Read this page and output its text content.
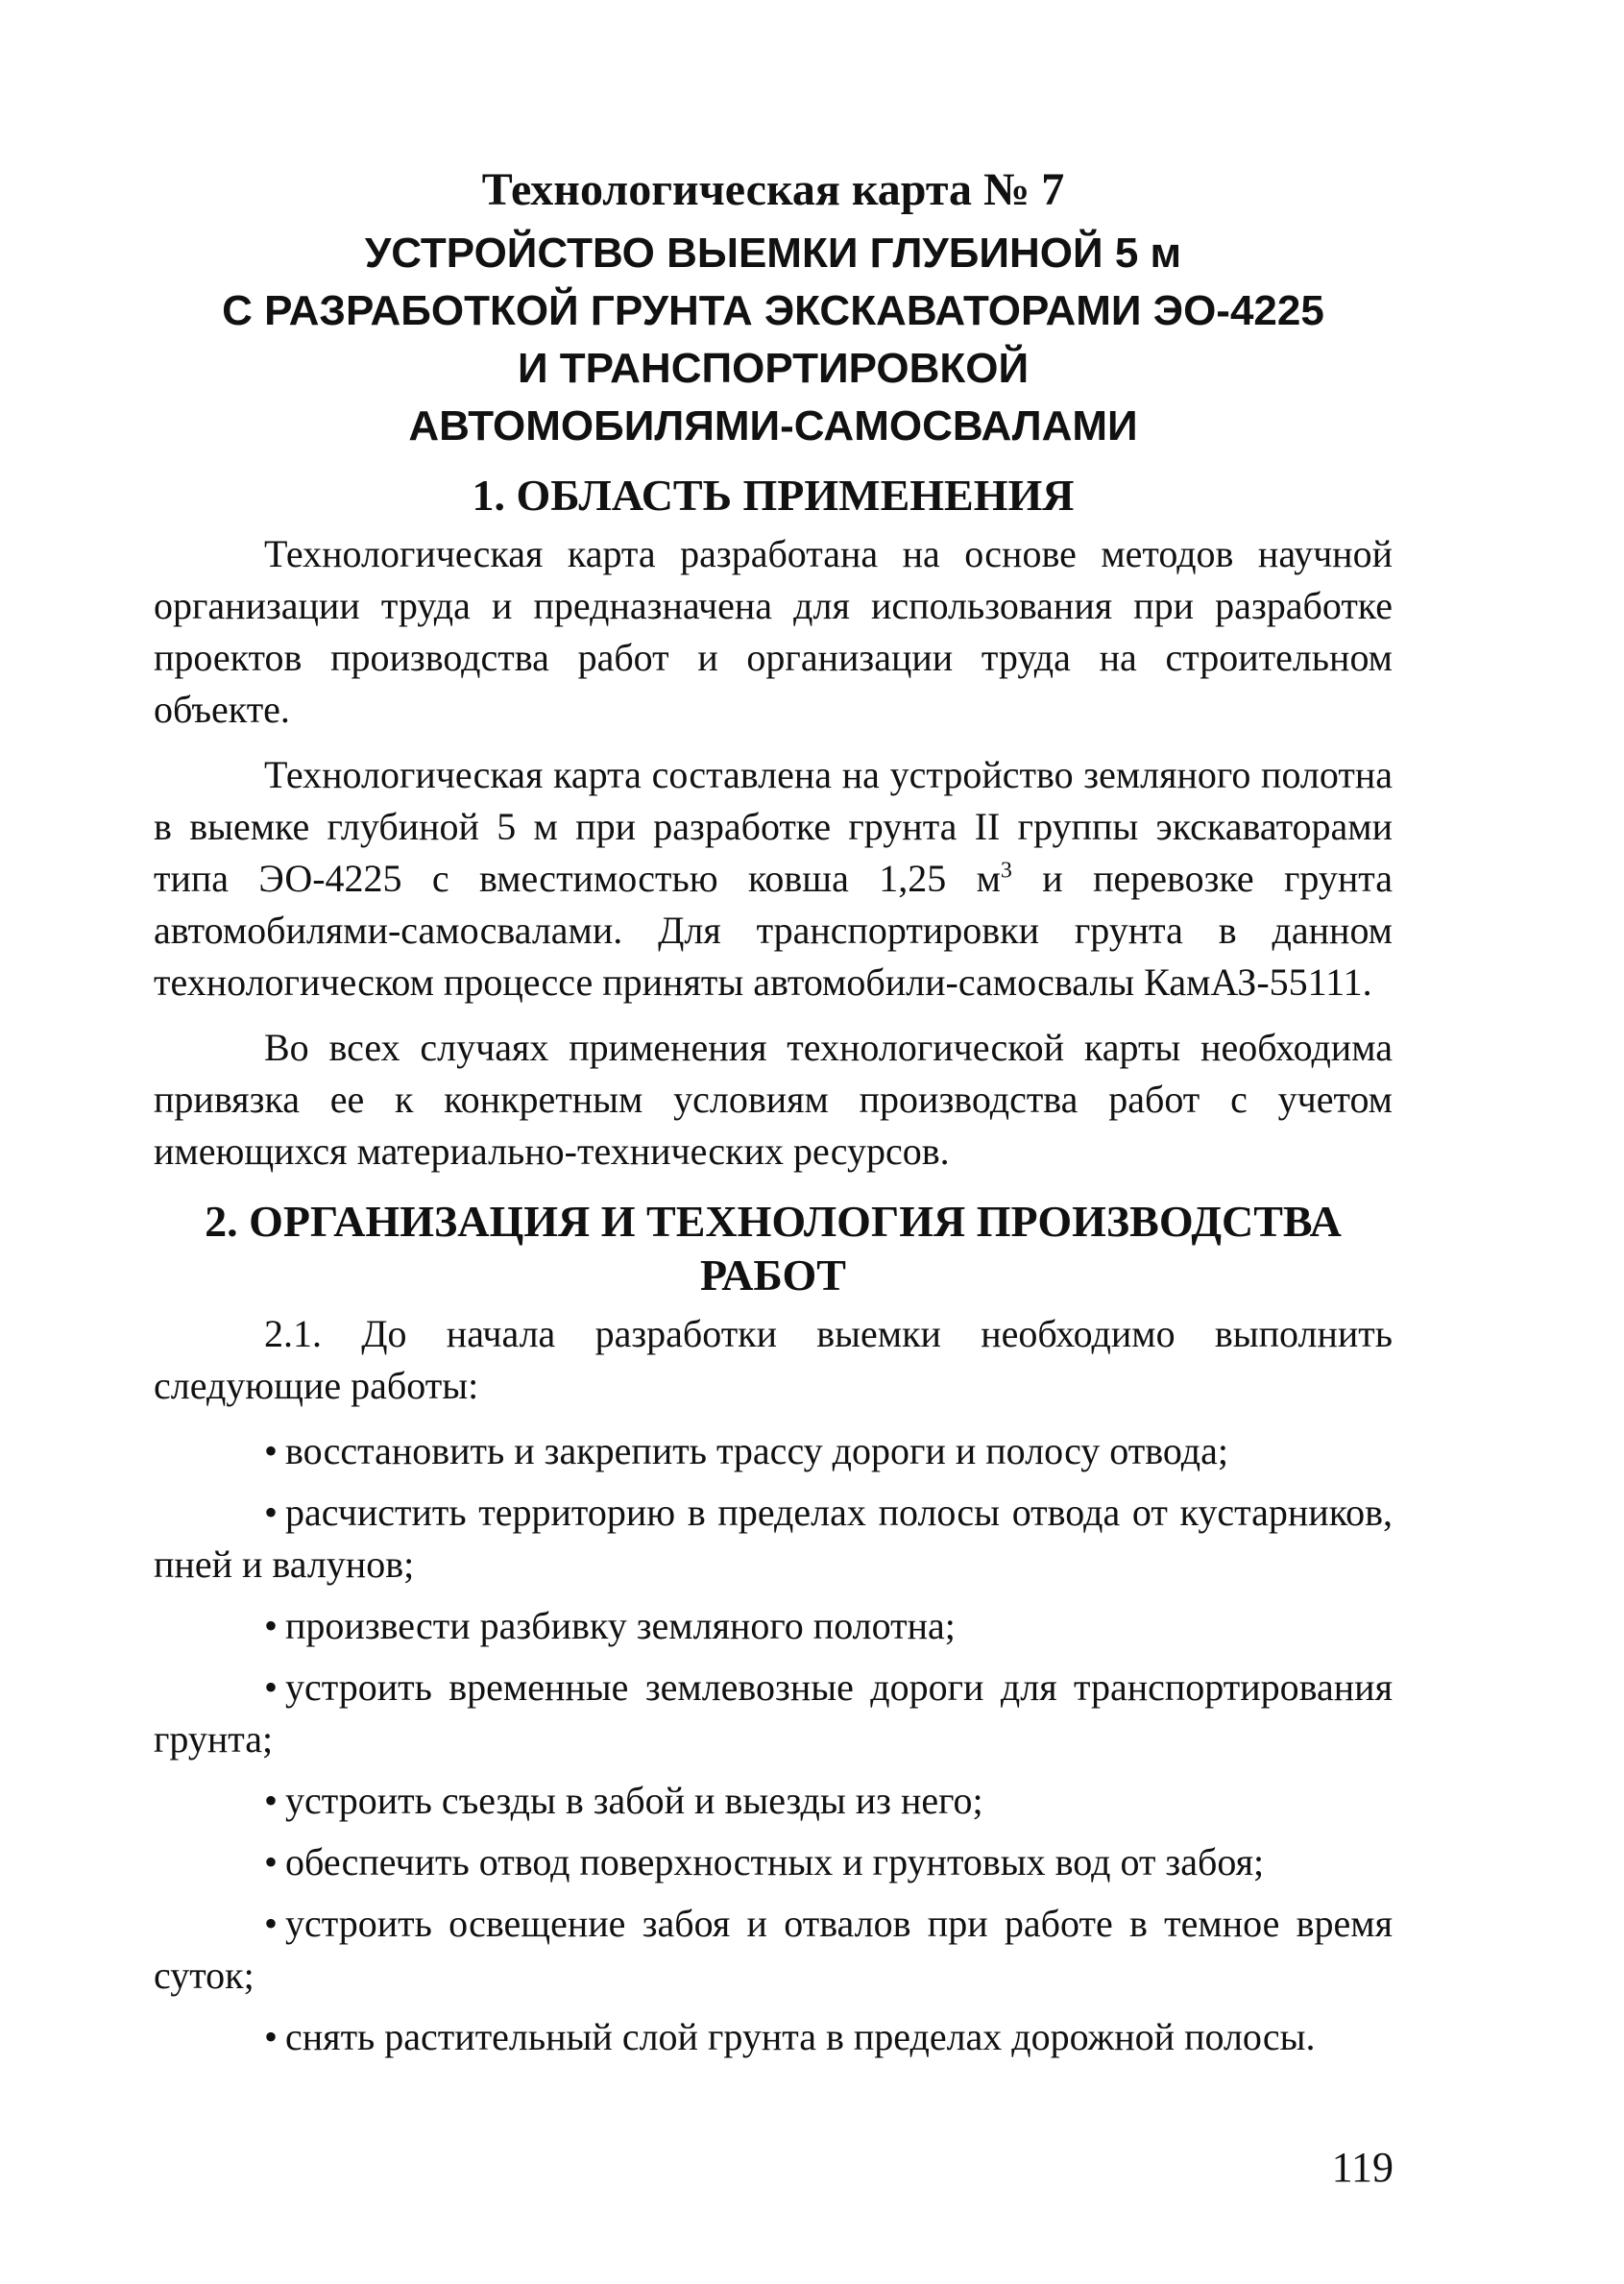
Технологическая карта № 7
УСТРОЙСТВО ВЫЕМКИ ГЛУБИНОЙ 5 м
С РАЗРАБОТКОЙ ГРУНТА ЭКСКАВАТОРАМИ ЭО-4225
И ТРАНСПОРТИРОВКОЙ
АВТОМОБИЛЯМИ-САМОСВАЛАМИ
1. ОБЛАСТЬ ПРИМЕНЕНИЯ

Технологическая карта разработана на основе методов научной организации труда и предназначена для использования при разработке проектов производства работ и организации труда на строительном объекте.

Технологическая карта составлена на устройство земляного полотна в выемке глубиной 5 м при разработке грунта II группы экскаваторами типа ЭО-4225 с вместимостью ковша 1,25 $м^3$ и перевозке грунта автомобилями-самосвалами. Для транспортировки грунта в данном технологическом процессе приняты автомобили-самосвалы КамАЗ-55111.

Во всех случаях применения технологической карты необходима привязка ее к конкретным условиям производства работ с учетом имеющихся материально-технических ресурсов.

2. ОРГАНИЗАЦИЯ И ТЕХНОЛОГИЯ ПРОИЗВОДСТВА
РАБОТ

2.1. До начала разработки выемки необходимо выполнить следующие работы:

• восстановить и закрепить трассу дороги и полосу отвода;
• расчистить территорию в пределах полосы отвода от кустарников, пней и валунов;
• произвести разбивку земляного полотна;
• устроить временные землевозные дороги для транспортирования грунта;
• устроить съезды в забой и выезды из него;
• обеспечить отвод поверхностных и грунтовых вод от забоя;
• устроить освещение забоя и отвалов при работе в темное время суток;
• снять растительный слой грунта в пределах дорожной полосы.
119
